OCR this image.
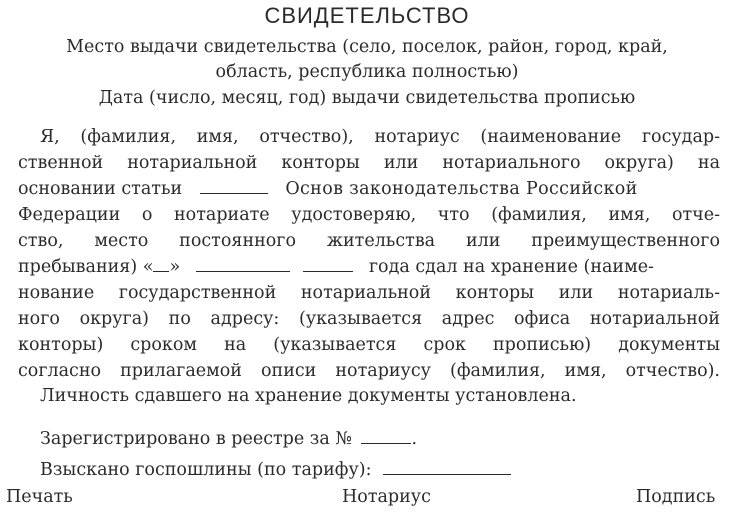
СВИДЕТЕЛЬСТВО
Место выдачи свидетельства (село, поселок, район, город, край,
область, республика полностью)
Дата (число, месяц, год) выдачи свидетельства прописью
Я, (фамилия, имя, отчество), нотариус (наименование государ-
ственной нотариальной конторы или нотариального округа) на
основании статьи	Основ законодательства Российской
Федерации о нотариате удостоверяю, что (фамилия, имя, отче-
ство, место постоянного жительства или преимущественного
пребывания) « »	года сдал на хранение (наиме-
нование государственной нотариальной конторы или нотариаль-
ного округа) по адресу: (указывается адрес офиса нотариальной
конторы) сроком на (указывается срок прописью) документы
согласно прилагаемой описи нотариусу (фамилия, имя, отчество).
Личность сдавшего на хранение документы установлена.
Зарегистрировано в реестре за №	.
Взыскано госпошлины (по тарифу):
Печать	Нотариус	Подпись
